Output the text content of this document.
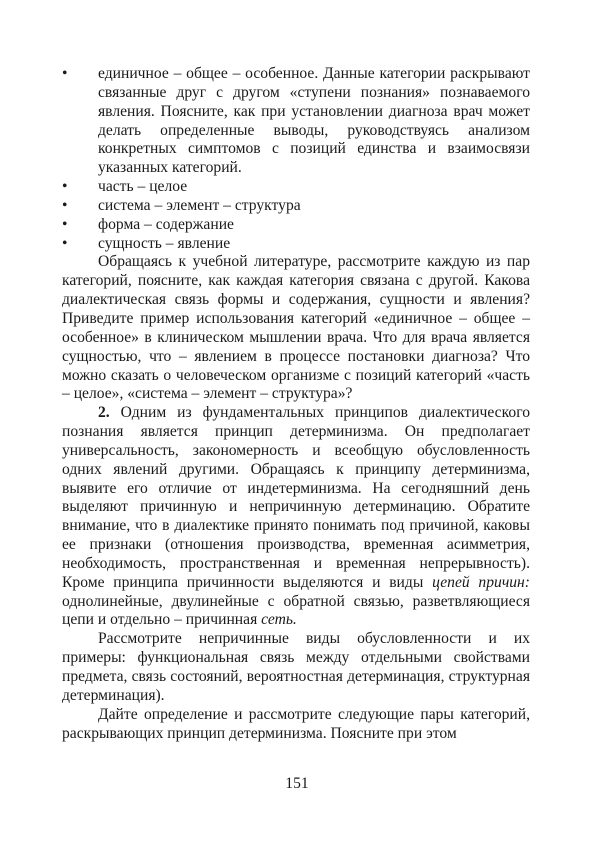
•	единичное – общее – особенное. Данные категории раскрывают связанные друг с другом «ступени познания» познаваемого явления. Поясните, как при установлении диагноза врач может делать определенные выводы, руководствуясь анализом конкретных симптомов с позиций единства и взаимосвязи указанных категорий.
•	часть – целое
•	система – элемент – структура
•	форма – содержание
•	сущность – явление

Обращаясь к учебной литературе, рассмотрите каждую из пар категорий, поясните, как каждая категория связана с другой. Какова диалектическая связь формы и содержания, сущности и явления? Приведите пример использования категорий «единичное – общее – особенное» в клиническом мышлении врача. Что для врача является сущностью, что – явлением в процессе постановки диагноза? Что можно сказать о человеческом организме с позиций категорий «часть – целое», «система – элемент – структура»?

2. Одним из фундаментальных принципов диалектического познания является принцип детерминизма. Он предполагает универсальность, закономерность и всеобщую обусловленность одних явлений другими. Обращаясь к принципу детерминизма, выявите его отличие от индетерминизма. На сегодняшний день выделяют причинную и непричинную детерминацию. Обратите внимание, что в диалектике принято понимать под причиной, каковы ее признаки (отношения производства, временная асимметрия, необходимость, пространственная и временная непрерывность). Кроме принципа причинности выделяются и виды цепей причин: однолинейные, двулинейные с обратной связью, разветвляющиеся цепи и отдельно – причинная сеть.

Рассмотрите непричинные виды обусловленности и их примеры: функциональная связь между отдельными свойствами предмета, связь состояний, вероятностная детерминация, структурная детерминация).

Дайте определение и рассмотрите следующие пары категорий, раскрывающих принцип детерминизма. Поясните при этом

151
